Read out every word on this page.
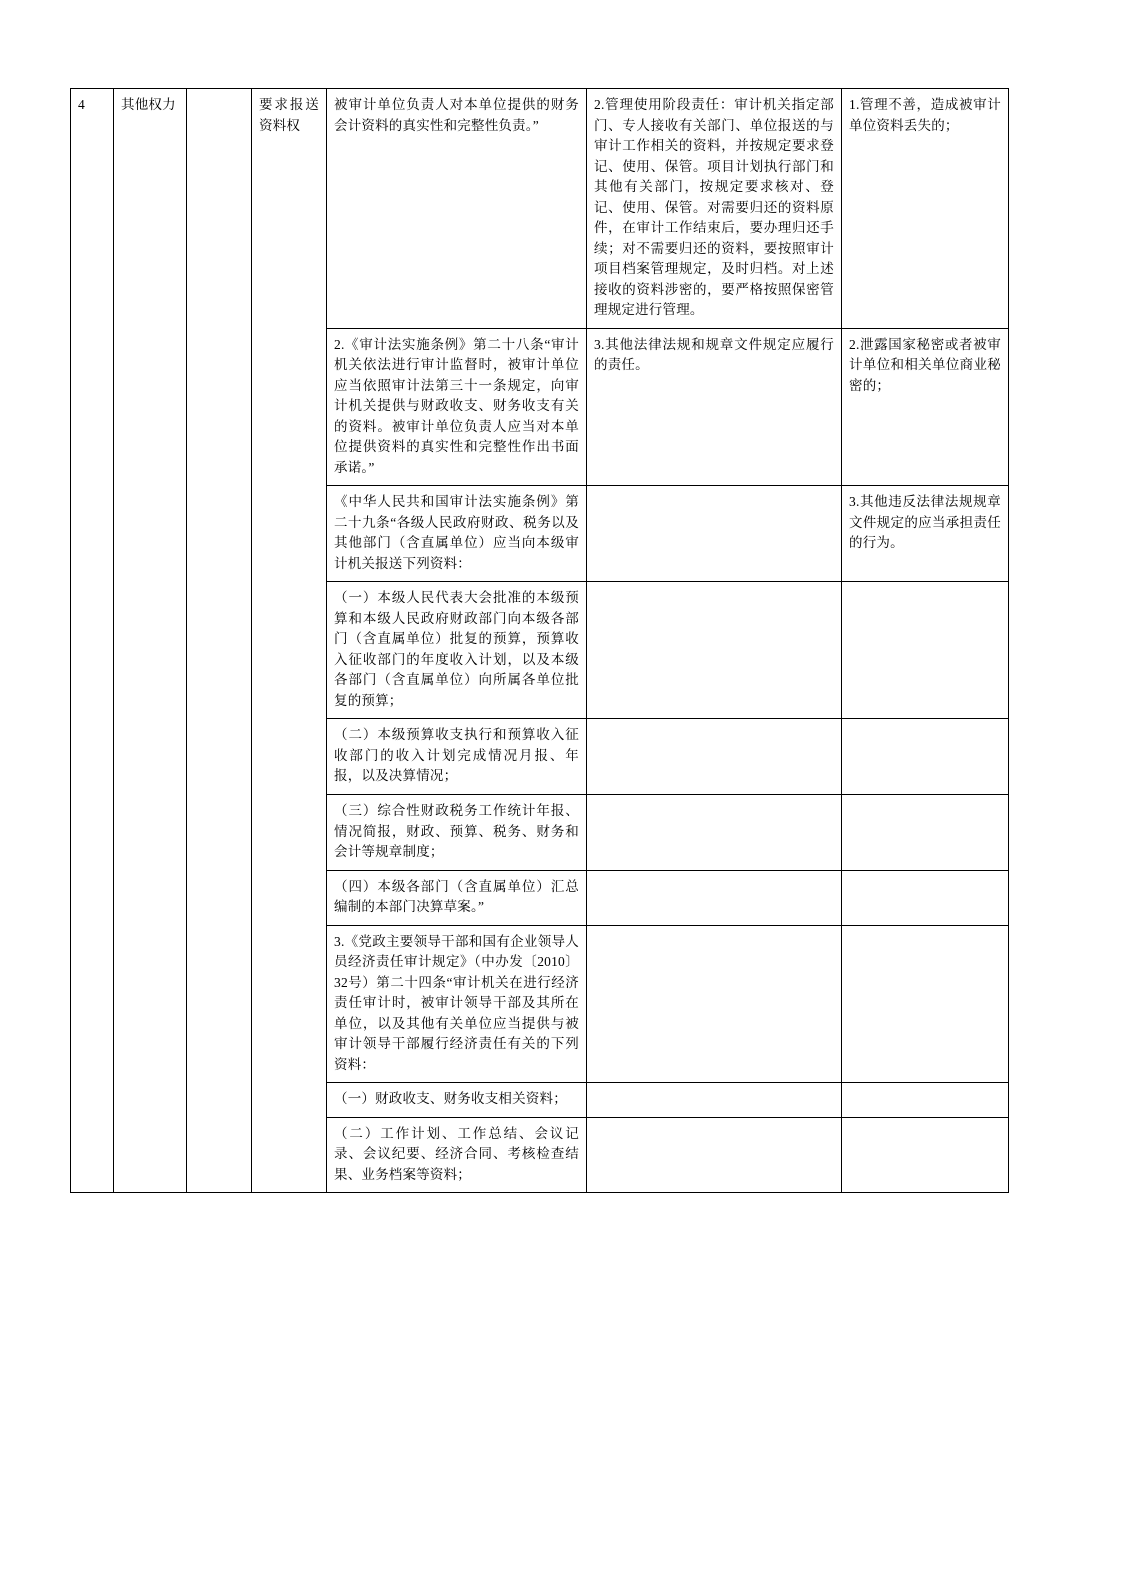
4	其他权力		要求报送资料权	被审计单位负责人对本单位提供的财务会计资料的真实性和完整性负责。”	2.管理使用阶段责任：审计机关指定部门、专人接收有关部门、单位报送的与审计工作相关的资料，并按规定要求登记、使用、保管。项目计划执行部门和其他有关部门，按规定要求核对、登记、使用、保管。对需要归还的资料原件，在审计工作结束后，要办理归还手续；对不需要归还的资料，要按照审计项目档案管理规定，及时归档。对上述接收的资料涉密的，要严格按照保密管理规定进行管理。	1.管理不善，造成被审计单位资料丢失的；

				2.《审计法实施条例》第二十八条“审计机关依法进行审计监督时，被审计单位应当依照审计法第三十一条规定，向审计机关提供与财政收支、财务收支有关的资料。被审计单位负责人应当对本单位提供资料的真实性和完整性作出书面承诺。”	3.其他法律法规和规章文件规定应履行的责任。	2.泄露国家秘密或者被审计单位和相关单位商业秘密的；

				《中华人民共和国审计法实施条例》第二十九条“各级人民政府财政、税务以及其他部门（含直属单位）应当向本级审计机关报送下列资料：		3.其他违反法律法规规章文件规定的应当承担责任的行为。

				（一）本级人民代表大会批准的本级预算和本级人民政府财政部门向本级各部门（含直属单位）批复的预算，预算收入征收部门的年度收入计划，以及本级各部门（含直属单位）向所属各单位批复的预算；		

				（二）本级预算收支执行和预算收入征收部门的收入计划完成情况月报、年报，以及决算情况；		

				（三）综合性财政税务工作统计年报、情况简报，财政、预算、税务、财务和会计等规章制度；		

				（四）本级各部门（含直属单位）汇总编制的本部门决算草案。”		

				3.《党政主要领导干部和国有企业领导人员经济责任审计规定》（中办发〔2010〕32号）第二十四条“审计机关在进行经济责任审计时，被审计领导干部及其所在单位，以及其他有关单位应当提供与被审计领导干部履行经济责任有关的下列资料：		

				（一）财政收支、财务收支相关资料；		

				（二）工作计划、工作总结、会议记录、会议纪要、经济合同、考核检查结果、业务档案等资料；		
